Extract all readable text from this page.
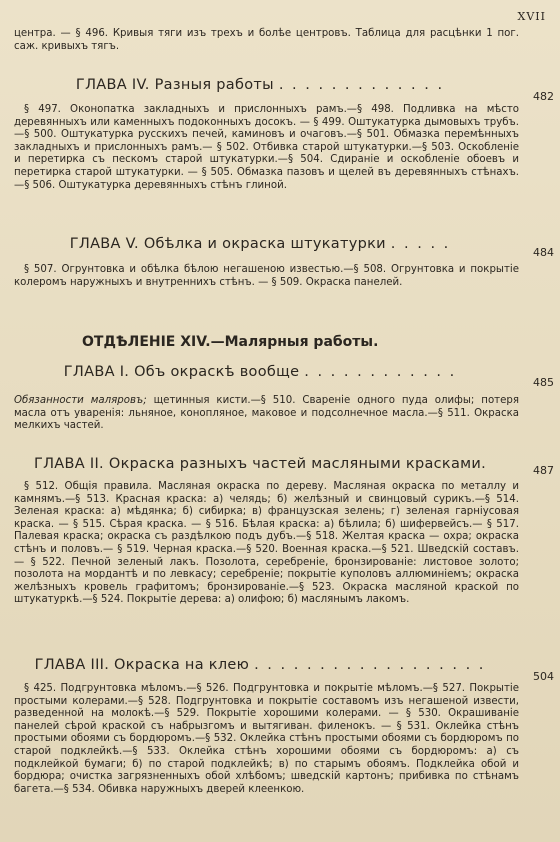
XVII

центра. — § 496. Кривыя тяги изъ трехъ и болѣе центровъ. Таблица для расцѣнки 1 пог. саж. кривыхъ тягъ.

ГЛАВА IV. Разныя работы . . . . . . . . . . . . .
482

§ 497. Оконопатка закладныхъ и прислонныхъ рамъ.—§ 498. Подливка на мѣсто деревянныхъ или каменныхъ подоконныхъ досокъ. — § 499. Оштукатурка дымовыхъ трубъ.—§ 500. Оштукатурка русскихъ печей, каминовъ и очаговъ.—§ 501. Обмазка перемѣнныхъ закладныхъ и прислонныхъ рамъ.— § 502. Отбивка старой штукатурки.—§ 503. Оскобленіе и перетирка съ пескомъ старой штукатурки.—§ 504. Сдираніе и оскобленіе обоевъ и перетирка старой штукатурки. — § 505. Обмазка пазовъ и щелей въ деревянныхъ стѣнахъ.—§ 506. Оштукатурка деревянныхъ стѣнъ глиной.

ГЛАВА V. Обѣлка и окраска штукатурки . . . . .
484

§ 507. Огрунтовка и обѣлка бѣлою негашеною известью.—§ 508. Огрунтовка и покрытіе колеромъ наружныхъ и внутреннихъ стѣнъ. — § 509. Окраска панелей.

ОТДѢЛЕНІЕ XIV.—Малярныя работы.
ГЛАВА I. Объ окраскѣ вообще . . . . . . . . . . . .
485

Обязанности маляровъ; щетинныя кисти.—§ 510. Свареніе одного пуда олифы; потеря масла отъ уваренія: льняное, конопляное, маковое и подсолнечное масла.—§ 511. Окраска мелкихъ частей.

ГЛАВА II. Окраска разныхъ частей масляными красками.	487

§ 512. Общія правила. Масляная окраска по дереву. Масляная окраска по металлу и камнямъ.—§ 513. Красная краска: а) челядь; б) желѣзный и свинцовый сурикъ.—§ 514. Зеленая краска: а) мѣдянка; б) сибирка; в) французская зелень; г) зеленая гарніусовая краска. — § 515. Сѣрая краска. — § 516. Бѣлая краска: а) бѣлила; б) шифервейсъ.— § 517. Палевая краска; окраска съ раздѣлкою подъ дубъ.—§ 518. Желтая краска — охра; окраска стѣнъ и половъ.— § 519. Черная краска.—§ 520. Военная краска.—§ 521. Шведскій составъ.— § 522. Печной зеленый лакъ. Позолота, серебреніе, бронзированіе: листовое золото; позолота на мордантѣ и по левкасу; серебреніе; покрытіе куполовъ аллюминіемъ; окраска желѣзныхъ кровель графитомъ; бронзированіе.—§ 523. Окраска масляной краской по штукатуркѣ.—§ 524. Покрытіе дерева: а) олифою; б) маслянымъ лакомъ.

ГЛАВА III. Окраска на клею . . . . . . . . . . . . . . . . . .
504

§ 425. Подгрунтовка мѣломъ.—§ 526. Подгрунтовка и покрытіе мѣломъ.—§ 527. Покрытіе простыми колерами.—§ 528. Подгрунтовка и покрытіе составомъ изъ негашеной извести, разведенной на молокѣ.—§ 529. Покрытіе хорошими колерами. — § 530. Окрашиваніе панелей сѣрой краской съ набрызгомъ и вытягиван. филенокъ. — § 531. Оклейка стѣнъ простыми обоями съ бордюромъ.—§ 532. Оклейка стѣнъ простыми обоями съ бордюромъ по старой подклейкѣ.—§ 533. Оклейка стѣнъ хорошими обоями съ бордюромъ: а) съ подклейкой бумаги; б) по старой подклейкѣ; в) по старымъ обоямъ. Подклейка обой и бордюра; очистка загрязненныхъ обой хлѣбомъ; шведскій картонъ; прибивка по стѣнамъ багета.—§ 534. Обивка наружныхъ дверей клеенкою.
